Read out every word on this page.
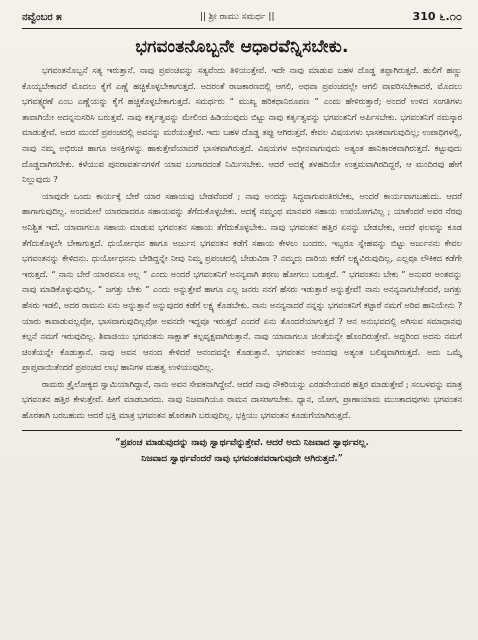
ನವ್ವೆಂಬರ ೫	|| ಶ್ರೀ ರಾಮು ಸಮರ್ಥ ||	310 ೬.೧೦
ಭಗವಂತನೊಬ್ಬನೇ ಆಧಾರವೆನ್ನಿಸಬೇಕು.

ಭಗವಂತನೊಬ್ಬನೆ ಸತ್ಯ ಇರುತ್ತಾನೆ. ನಾವು ಪ್ರಪಂಚವನ್ನು ಸತ್ಯವೆಂದು ತಿಳಿಯುತ್ತೇವೆ. ಇದೇ ನಾವು ಮಾಡುವ ಬಹಳ ದೊಡ್ಡ ತಪ್ಪಾಗಿರುತ್ತದೆ. ಹುಲಿಗೆ ಹಣ್ಣು ಕೊಯ್ಯಬೇಕಾದರೆ ಮೊದಲು ಕೈಗೆ ಎಣ್ಣೆ ಹಚ್ಚಿಕೊಳ್ಳಬೇಕಾಗುತ್ತದೆ. ಅದರಂತೆ ರಾಜಕಾರಣದಲ್ಲಿ ಆಗಲಿ, ಅಥವಾ ಪ್ರಪಂಚದಲ್ಲೇ ಆಗಲಿ ವಾವರಿಸಬೇಕಾದರೆ, ಮೊದಲು ಭಗವತ್ಸ್ಮರಣೆ ಎಂಬ ಎಣ್ಣೆಯನ್ನು ಕೈಗೆ ಹಚ್ಚಿಕೊಳ್ಳಬೇಕಾಗುತ್ತದೆ. ಸಮರ್ಥರು “ ಮುಖ್ಯ ಹರಿಕಥಾನಿರೂಪಣ ” ಎಂದು ಹೇಳಿರುತ್ತಾರೆ; ಅಂದರೆ ಉಳಿದ ಸಂಗತಿಗಳು ತಾವಾಗಿಯೇ ಅದನ್ನನುಸರಿಸಿ ಬರುತ್ತವೆ. ನಾವು ಕರ್ತೃತ್ವವನ್ನು ಮೇಲಿಂದ ಹಿಡಿಯುವುದು ಬಿಟ್ಟು ನಾವು ಕರ್ತೃತ್ವವನ್ನು ಭಗವಂತನಿಗೆ ಅರ್ಪಿಸಬೇಕು. ಭಗವಂತನಿಗೆ ನಮಸ್ಕಾರ ಮಾಡುತ್ತೇವೆ. ಅದರ ಮುಂದೆ ಪ್ರಪಂಚದಲ್ಲಿ ಅವನನ್ನು ಮರೆಯುತ್ತೇವೆ. ಇದು ಬಹಳ ದೊಡ್ಡ ತಪ್ಪು ಆಗಿರುತ್ತದೆ. ಕೇವಲ ವಿಷಯಗಳು ಭಾಸಕವಾಗುವುದಿಲ್ಲ; ಉಪಾಧಿಗಳಲ್ಲಿ, ನಾವು ನಮ್ಮ ಅಭಿರುಚಿ ಹಾಗೂ ಆಸಕ್ತಿಗಳನ್ನು ಹಾಕುತ್ತೇವೆಯಾದರೆ ಭಾಸಕವಾಗಿರುತ್ತದೆ. ವಿಷಯಗಳ ಅಧೀನವಾಗುವುದು ಅತ್ಯಂತ ಹಾನಿಕಾರಕವಾಗಿರುತ್ತದೆ. ಕಟ್ಟುವುದು ದೊಡ್ಡದಾಗಿರಬೇಕು. ಕಳೆಯುವ ಪುನರಾವರ್ತನಗಳಿಗೆ ಯಾವ ಬಂಗಾರದಂತೆ ನಿರ್ಮಿಸಬೇಕು. ಆದರೆ ಅದಕ್ಕೆ ತಳಹದಿಯೇ ಉತ್ತಮವಾಗಿರದಿದ್ದರೆ, ಆ ಮಂದಿರವು ಹೇಗೆ ನಿಲ್ಲುವುದು ?

ಯಾವುದೇ ಒಂದು ಕಾರ್ಯಕ್ಕೆ ಬೇರೆ ಯಾರ ಸಹಾಯವು ಬೇಡವೆಂದರೆ ; ನಾವು ಅಂದದ್ದು ಸಿದ್ಧವಾಗುವಂತಿರಬೇಕು, ಅಂದರೆ ಕಾರ್ಯವಾಗಬಹುದು. ಆದರೆ ಹಾಗಾಗುವುದಿಲ್ಲ. ಅಂದಮೇಲೆ ಯಾರದಾದರೂ ಸಹಾಯವನ್ನು ತೆಗೆದುಕೊಳ್ಳಬೇಕು. ಅದಕ್ಕೆ ನಮ್ಮಂಥ ಮಾನವರ ಸಹಾಯ ಉಪಯೋಗವಿಲ್ಲ ; ಯಾಕೆಂದರೆ ಅವರ ನೆರವು ಅನಿಶ್ಚಿತ ಇದೆ. ಯಾವಾಗಲೂ ಸಹಾಯ ಮಾಡುವ ಭಗವಂತನ ಸಹಾಯ ತೆಗೆದುಕೊಳ್ಳಬೇಕು. ನಾವು ಭಗವಂತನ ಹತ್ತಿರ ಏನನ್ನು ಬೇಡಬೇಕು, ಆದರೆ ಫಲವನ್ನು ಕೂಡ ತೆಗೆದುಕೊಳ್ಳಲೇ ಬೇಕಾಗುತ್ತದೆ. ಧುರ್ಯೋಧನ ಹಾಗೂ ಅರ್ಜುನ ಭಗವಂತನ ಕಡೆಗೆ ಸಹಾಯ ಕೇಳಲು ಬಂದರು. ಇಬ್ಬರೂ ಸ್ನೇಹವನ್ನು ಬಿಟ್ಟು ಅರ್ಜುನನು ಕೇವಲ ಭಗವಂತನನ್ನು ಕೇಳಿದನು. ಧುರ್ಯೋಧನನು ಬೇಡಿದ್ದನ್ನೇ ನೀವು ನಿಮ್ಮ ಪ್ರಪಂಚದಲ್ಲಿ ಬೇಡುವಿರಾ ? ನಮ್ಮದು ದಾರಿಯ ಕಡೆಗೆ ಲಕ್ಷ್ಯವಿರುವುದಿಲ್ಲ, ಎಲ್ಲವೂ ಲೌಕಿಕದ ಕಡೆಗೇ ಇರುತ್ತದೆ. “ ನಾನು ಬೇರೆ ಯಾರವನೂ ಅಲ್ಲ ” ಎಂದು ಅಂದರೆ ಭಗವಂತನಿಗೆ ಅನನ್ಯವಾಗಿ ಶರಣು ಹೋಗಲು ಬರುತ್ತದೆ. “ ಭಗವಂತನು ಬೇಕು ” ಅನುವರ ಅಂತವನ್ನು ನಾವು ಮಾಡಿಕೊಳ್ಳುವುದಿಲ್ಲ. “ ಜಗತ್ತು ಬೇಕು ” ಎಂದು ಅನ್ನುತ್ತೇವೆ ಹಾಗೂ ಎಲ್ಲ ಜನರು ನನಗೆ ಹೆಸರು ಇಡುತ್ತಾರೆ ಅನ್ನುತ್ತೇವೆ! ನಾನು ಅನನ್ಯನಾಗಬೇಕೆಂದರೆ, ಜಗತ್ತು ಹೆಸರು ಇಡಲಿ, ಅದರ ರಾಮನು ಏನು ಅನ್ನುತ್ತಾನೆ ಅನ್ನುವುದರ ಕಡೆಗೆ ಲಕ್ಷ್ಯ ಕೊಡಬೇಕು. ನಾನು ಅನನ್ಯನಾದರೆ ನನ್ನನ್ನು ಭಗವಂತನಿಗೆ ಕಟ್ಟಾರೆ ನಮಗೆ ಅರಿವ ಹಾನಿಯೇನು ? ಯಾರು ಕಾವಾಡುವಲ್ಲವೋ, ಭಾಸವಾಗುವುದಿಲ್ಲವೋ ಅವನದೇ ಇದ್ದವೂ ಇರುತ್ತದೆ ಎಂದರೆ ಏನು ತೊಂದರೆಯಾಗುತ್ತದೆ ? ಆನ ಅನುಭವದಲ್ಲಿ ಅಗಿಸುವ ಸಮಾಧಾನವು ಕಲ್ಪನೆ ನಮಗೆ ಇರುವುದಿಲ್ಲ. ಶಿವಾಜಿಯು ಭಗವಂತನು ಸಾಕ್ಷಾತ್ ಕಲ್ಪವೃಕ್ಷವಾಗಿರುತ್ತಾನೆ. ನಾವು ಯಾವಾಗಲೂ ಚಿಂತೆಯನ್ನೇ ಹೊಂದಿರುತ್ತೇವೆ. ಅದ್ದರಿಂದ ಅದನು ನಮಗೆ ಚಿಂತೆಯನ್ನೇ ಕೊಡುತ್ತಾನೆ. ನಾವು ಅವನ ಆನಂದ ಕೇಳಿದರೆ ಆನಂದವನ್ನೇ ಕೊಡುತ್ತಾನೆ. ಭಗವಂತನ ಆನಂದವು ಅತ್ಯಂತ ಬಲಿಷ್ಠವಾಗಿರುತ್ತದೆ. ಅದು ಒಮ್ಮೆ ಪ್ರಾಪ್ತವಾಯಿತೆಂದರೆ ಪ್ರಪಂಚದ ಲಾಭ ಹಾನಿಗಳ ಮಹತ್ವ ಉಳಿಯುವುದಿಲ್ಲ.

ರಾಮರು ತ್ರೈಲೋಕ್ಯದ ಸ್ವಾಮಿಯಾಗಿದ್ದಾನೆ, ನಾನು ಅವನ ಸೇವಕನಾಗಿದ್ದೇನೆ. ಆದರೆ ನಾವು ನೌಕರಿಯನ್ನು ಎರಡನೇಯವರ ಹತ್ತಿರ ಮಾಡುತ್ತೇವೆ ; ಸಂಬಳವನ್ನು ಮಾತ್ರ ಭಗವಂತನ ಹತ್ತಿರ ಕೇಳುತ್ತೇವೆ. ಹೀಗೆ ಮಾಡಬಾರದು. ನಾವು ನಿಜವಾಗಿಯೂ ರಾಮನ ದಾಸರಾಗಬೇಕು. ಧ್ಯಾನ, ಯೋಗ, ಪ್ರಾಣಾಯಾಮ ಮುಂತಾದವುಗಳು ಭಗವಂತನ ಹೊರತಾಗಿ ಬರಬಹುದು ಆದರೆ ಭಕ್ತಿ ಮಾತ್ರ ಭಗವಂತನ ಹೊರತಾಗಿ ಬರುವುದಿಲ್ಲ. ಭಕ್ತಿಯು ಭಗವಂತನ ಕೂಡುಗೆಯಾಗಿರುತ್ತದೆ.

“ಪ್ರಪಂಚ ಮಾಡುವುದನ್ನು ನಾವು ಸ್ವಾರ್ಥವೆನ್ನುತ್ತೇವೆ. ಆದರೆ ಅದು ನಿಜವಾದ ಸ್ವಾರ್ಥವಲ್ಲ.
ನಿಜವಾದ ಸ್ವಾರ್ಥವೆಂದರೆ ನಾವು ಭಗವಂತನವರಾಗುವುದೇ ಆಗಿರುತ್ತದೆ.”
